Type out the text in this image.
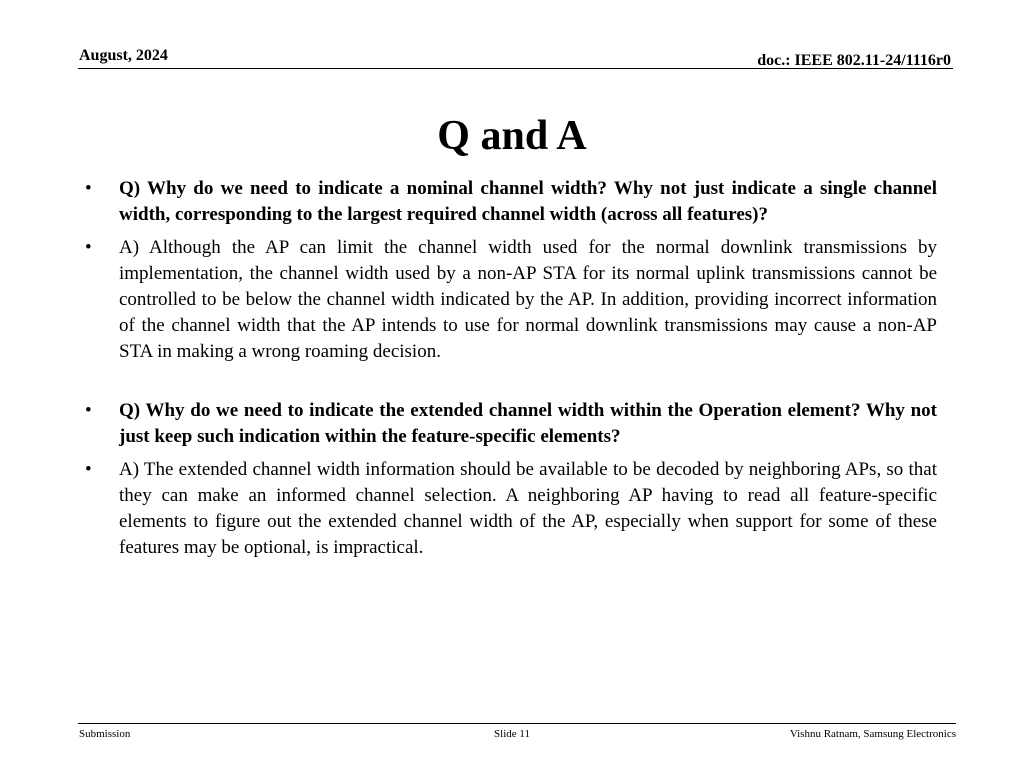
August, 2024	doc.: IEEE 802.11-24/1116r0
Q and A
• Q) Why do we need to indicate a nominal channel width? Why not just indicate a single channel width, corresponding to the largest required channel width (across all features)?
• A) Although the AP can limit the channel width used for the normal downlink transmissions by implementation, the channel width used by a non-AP STA for its normal uplink transmissions cannot be controlled to be below the channel width indicated by the AP. In addition, providing incorrect information of the channel width that the AP intends to use for normal downlink transmissions may cause a non-AP STA in making a wrong roaming decision.
• Q) Why do we need to indicate the extended channel width within the Operation element? Why not just keep such indication within the feature-specific elements?
• A) The extended channel width information should be available to be decoded by neighboring APs, so that they can make an informed channel selection. A neighboring AP having to read all feature-specific elements to figure out the extended channel width of the AP, especially when support for some of these features may be optional, is impractical.
Submission	Slide 11	Vishnu Ratnam, Samsung Electronics
